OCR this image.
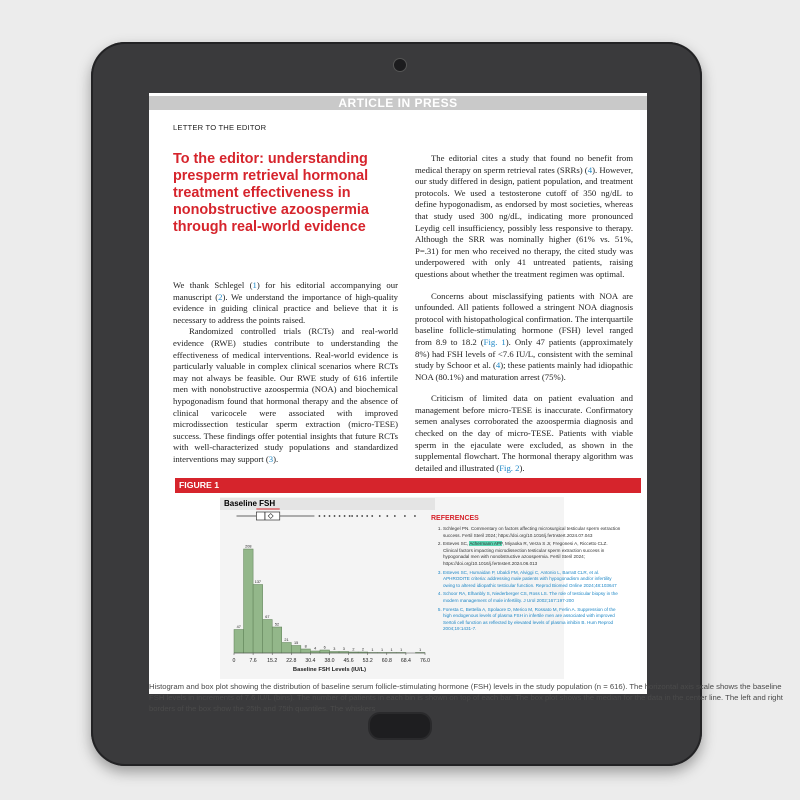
ARTICLE IN PRESS
LETTER TO THE EDITOR
To the editor: understanding presperm retrieval hormonal treatment effectiveness in nonobstructive azoospermia through real-world evidence

We thank Schlegel (1) for his editorial accompanying our manuscript (2). We understand the importance of high-quality evidence in guiding clinical practice and believe that it is necessary to address the points raised.

Randomized controlled trials (RCTs) and real-world evidence (RWE) studies contribute to understanding the effectiveness of medical interventions. Real-world evidence is particularly valuable in complex clinical scenarios where RCTs may not always be feasible. Our RWE study of 616 infertile men with nonobstructive azoospermia (NOA) and biochemical hypogonadism found that hormonal therapy and the absence of clinical varicocele were associated with improved microdissection testicular sperm extraction (micro-TESE) success. These findings offer potential insights that future RCTs with well-characterized study populations and standardized interventions may support (3).

The editorial cites a study that found no benefit from medical therapy on sperm retrieval rates (SRRs) (4). However, our study differed in design, patient population, and treatment protocols. We used a testosterone cutoff of 350 ng/dL to define hypogonadism, as endorsed by most societies, whereas that study used 300 ng/dL, indicating more pronounced Leydig cell insufficiency, possibly less responsive to therapy. Although the SRR was nominally higher (61% vs. 51%, P=.31) for men who received no therapy, the cited study was underpowered with only 41 untreated patients, raising questions about whether the treatment regimen was optimal.

Concerns about misclassifying patients with NOA are unfounded. All patients followed a stringent NOA diagnosis protocol with histopathological confirmation. The interquartile baseline follicle-stimulating hormone (FSH) level ranged from 8.9 to 18.2 (Fig. 1). Only 47 patients (approximately 8%) had FSH levels of <7.6 IU/L, consistent with the seminal study by Schoor et al. (4); these patients mainly had idiopathic NOA (80.1%) and maturation arrest (75%).

Criticism of limited data on patient evaluation and management before micro-TESE is inaccurate. Confirmatory semen analyses corroborated the azoospermia diagnosis and checked on the day of micro-TESE. Patients with viable sperm in the ejaculate were excluded, as shown in the supplemental flowchart. The hormonal therapy algorithm was detailed and illustrated (Fig. 2).

FIGURE 1
Baseline FSH
47
208
137
67
52
21
15
8 4 6 3 3 2 2 1 1 1 1	1
0	7.6 15.2 22.8 30.4 38.0 45.6 53.2 60.8 68.4 76.0
Baseline FSH Levels (IU/L)
REFERENCES
1. Schlegel PN. Commentary on factors affecting microsurgical testicular sperm extraction success. Fertil Steril 2024; https://doi.org/10.1016/j.fertnstert.2024.07.043
2. Esteves SC, Achermann APP, Miyaoka R, Verza S Jr, Fregonesi A, Riccetto CLZ. Clinical factors impacting microdissection testicular sperm extraction success in hypogonadal men with nonobstructive azoospermia. Fertil Steril 2024; https://doi.org/10.1016/j.fertnstert.2024.06.013
3. Esteves SC, Humaidan P, Ubaldi FM, Alviggi C, Antonio L, Barratt CLR, et al. APHRODITE criteria: addressing male patients with hypogonadism and/or infertility owing to altered idiopathic testicular function. Reprod Biomed Online 2024;48:103647
4. Schoor RA, Elhanbly S, Niederberger CS, Ross LS. The role of testicular biopsy in the modern management of male infertility. J Urol 2002;167:197-200
5. Foresta C, Bettella A, Spolaore D, Merico M, Rossato M, Ferlin A. Suppression of the high endogenous levels of plasma FSH in infertile men are associated with improved Sertoli cell function as reflected by elevated levels of plasma inhibin B. Hum Reprod 2004;19:1431-7.

Histogram and box plot showing the distribution of baseline serum follicle-stimulating hormone (FSH) levels in the study population (n = 616). The horizontal axis scale shows the baseline FSH levels in increments of 7.6 IU/L (bins). The number of patients in each bin is shown on top of each bar. The box plot shows the median for the data in the center line. The left and right borders of the box show the 25th and 75th quantiles. The whiskers
